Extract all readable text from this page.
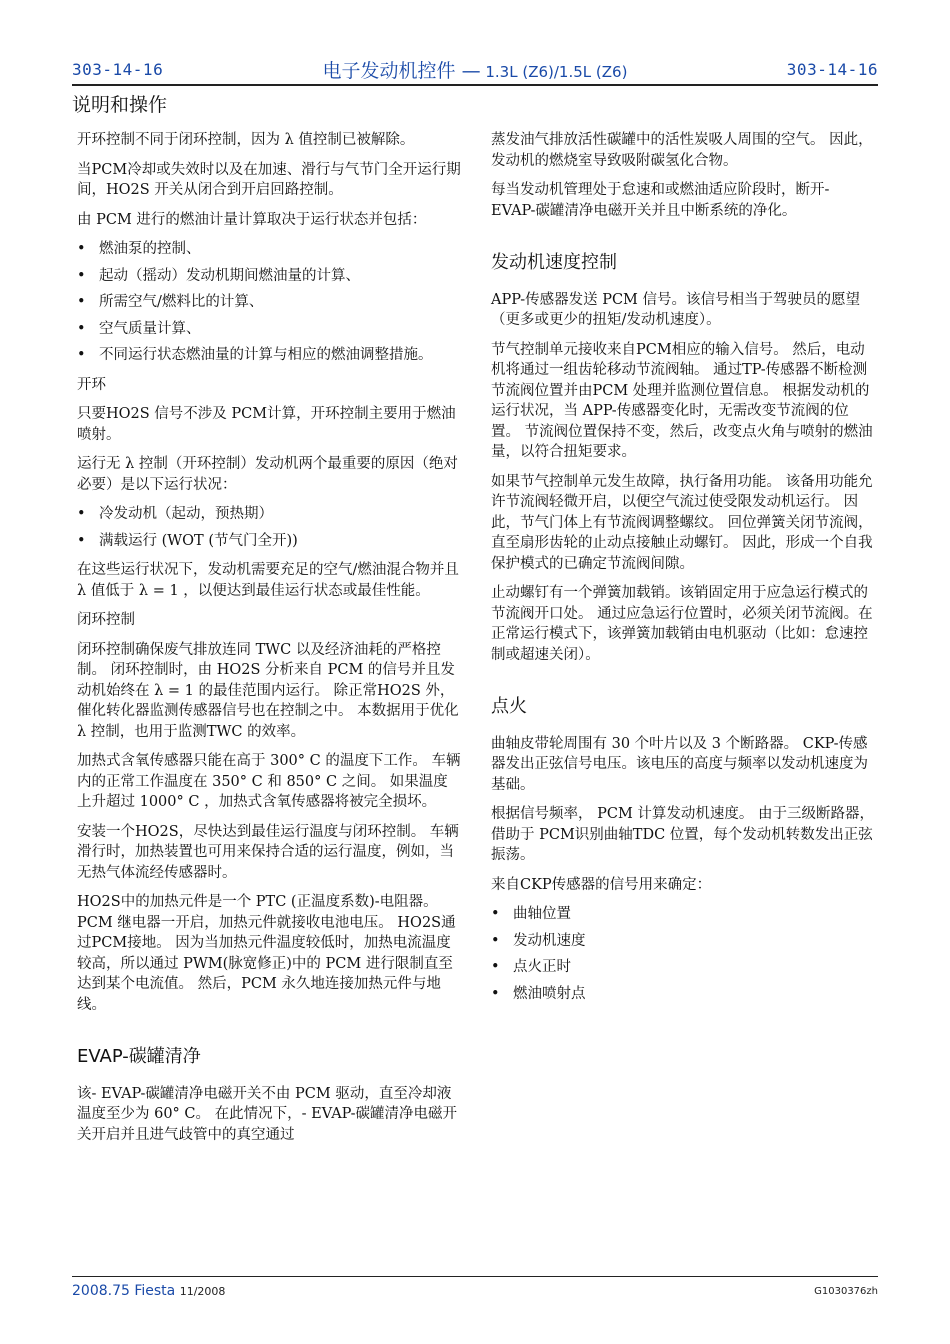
303-14-16	电子发动机控件 — 1.3L (Z6)/1.5L (Z6)	303-14-16
说明和操作

开环控制不同于闭环控制，因为 λ 值控制已被解除。

当PCM冷却或失效时以及在加速、滑行与气节门全开运行期间，HO2S 开关从闭合到开启回路控制。

由 PCM 进行的燃油计量计算取决于运行状态并包括：

• 燃油泵的控制、
• 起动（摇动）发动机期间燃油量的计算、
• 所需空气/燃料比的计算、
• 空气质量计算、
• 不同运行状态燃油量的计算与相应的燃油调整措施。

开环

只要HO2S 信号不涉及 PCM计算，开环控制主要用于燃油喷射。

运行无 λ 控制（开环控制）发动机两个最重要的原因（绝对必要）是以下运行状况：

• 冷发动机（起动，预热期）
• 满载运行 (WOT (节气门全开))

在这些运行状况下，发动机需要充足的空气/燃油混合物并且 λ 值低于 λ = 1 ，以便达到最佳运行状态或最佳性能。

闭环控制

闭环控制确保废气排放连同 TWC 以及经济油耗的严格控制。 闭环控制时，由 HO2S 分析来自 PCM 的信号并且发动机始终在 λ = 1 的最佳范围内运行。 除正常HO2S 外，催化转化器监测传感器信号也在控制之中。 本数据用于优化 λ 控制，也用于监测TWC 的效率。

加热式含氧传感器只能在高于 300° C 的温度下工作。 车辆内的正常工作温度在 350° C 和 850° C 之间。 如果温度上升超过 1000° C ，加热式含氧传感器将被完全损坏。

安装一个HO2S，尽快达到最佳运行温度与闭环控制。 车辆滑行时，加热装置也可用来保持合适的运行温度，例如，当无热气体流经传感器时。

HO2S中的加热元件是一个 PTC (正温度系数)-电阻器。 PCM 继电器一开启，加热元件就接收电池电压。 HO2S通过PCM接地。 因为当加热元件温度较低时，加热电流温度较高，所以通过 PWM(脉宽修正)中的 PCM 进行限制直至达到某个电流值。 然后，PCM 永久地连接加热元件与地线。

EVAP-碳罐清净

该- EVAP-碳罐清净电磁开关不由 PCM 驱动，直至冷却液温度至少为 60° C。 在此情况下，- EVAP-碳罐清净电磁开关开启并且进气歧管中的真空通过

蒸发油气排放活性碳罐中的活性炭吸人周围的空气。 因此，发动机的燃烧室导致吸附碳氢化合物。

每当发动机管理处于怠速和或燃油适应阶段时，断开- EVAP-碳罐清净电磁开关并且中断系统的净化。

发动机速度控制

APP-传感器发送 PCM 信号。该信号相当于驾驶员的愿望（更多或更少的扭矩/发动机速度）。

节气控制单元接收来自PCM相应的输入信号。 然后，电动机将通过一组齿轮移动节流阀轴。 通过TP-传感器不断检测节流阀位置并由PCM 处理并监测位置信息。 根据发动机的运行状况，当 APP-传感器变化时，无需改变节流阀的位置。 节流阀位置保持不变，然后，改变点火角与喷射的燃油量，以符合扭矩要求。

如果节气控制单元发生故障，执行备用功能。 该备用功能允许节流阀轻微开启，以便空气流过使受限发动机运行。 因此，节气门体上有节流阀调整螺纹。 回位弹簧关闭节流阀，直至扇形齿轮的止动点接触止动螺钉。 因此，形成一个自我保护模式的已确定节流阀间隙。

止动螺钉有一个弹簧加载销。该销固定用于应急运行模式的节流阀开口处。 通过应急运行位置时，必须关闭节流阀。在正常运行模式下，该弹簧加载销由电机驱动（比如：怠速控制或超速关闭）。

点火

曲轴皮带轮周围有 30 个叶片以及 3 个断路器。 CKP-传感器发出正弦信号电压。该电压的高度与频率以发动机速度为基础。

根据信号频率， PCM 计算发动机速度。 由于三级断路器，借助于 PCM识别曲轴TDC 位置，每个发动机转数发出正弦振荡。

来自CKP传感器的信号用来确定：

• 曲轴位置
• 发动机速度
• 点火正时
• 燃油喷射点
2008.75 Fiesta 11/2008	G1030376zh
